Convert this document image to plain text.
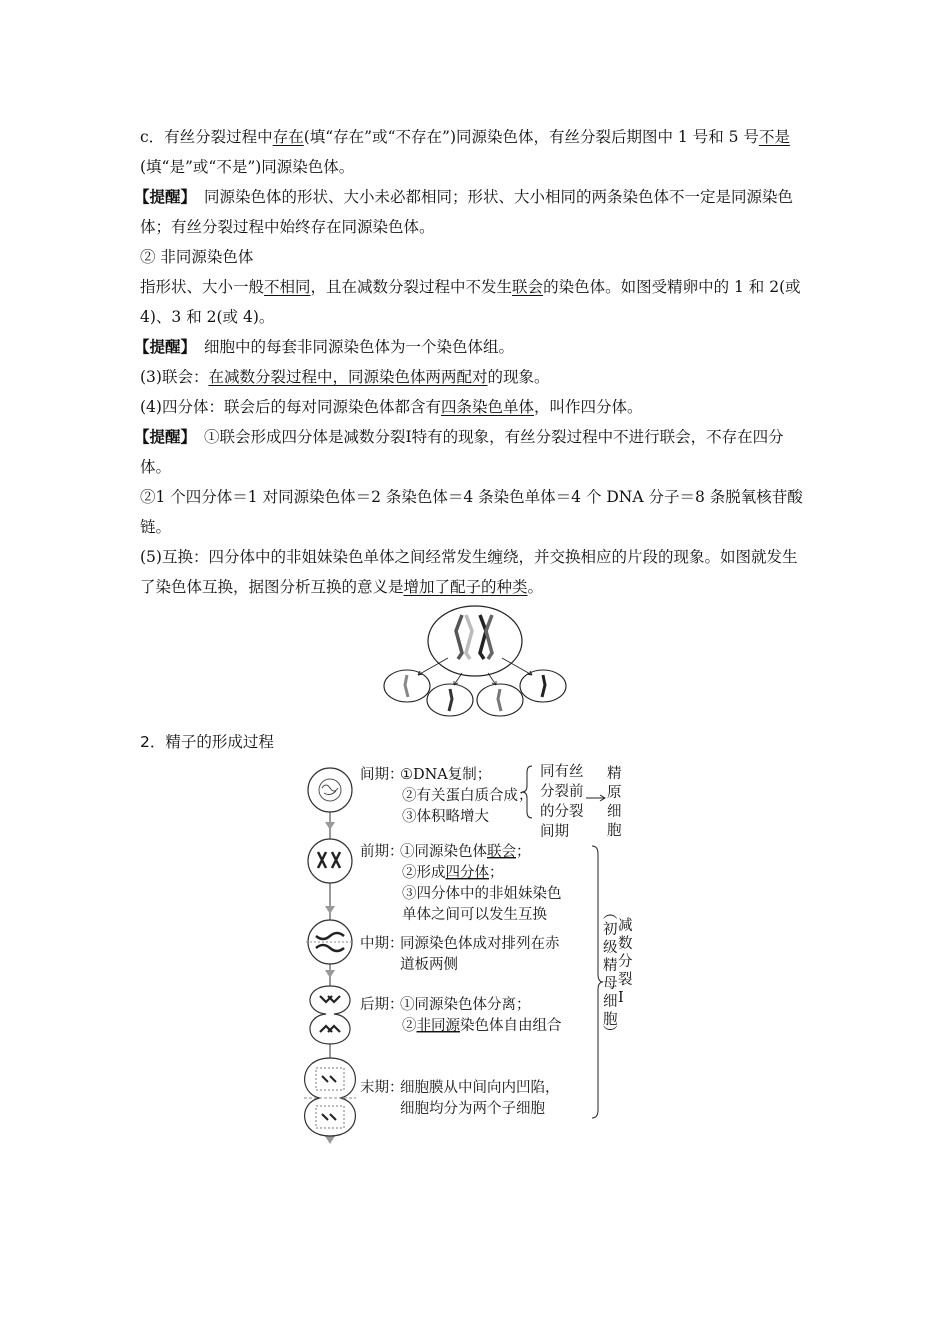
c．有丝分裂过程中存在(填“存在”或“不存在”)同源染色体，有丝分裂后期图中 1 号和 5 号不是(填“是”或“不是”)同源染色体。

【提醒】 同源染色体的形状、大小未必都相同；形状、大小相同的两条染色体不一定是同源染色体；有丝分裂过程中始终存在同源染色体。

② 非同源染色体

指形状、大小一般不相同，且在减数分裂过程中不发生联会的染色体。如图受精卵中的 1 和 2(或 4)、3 和 2(或 4)。

【提醒】 细胞中的每套非同源染色体为一个染色体组。

(3)联会：在减数分裂过程中，同源染色体两两配对的现象。

(4)四分体：联会后的每对同源染色体都含有四条染色单体，叫作四分体。

【提醒】 ①联会形成四分体是减数分裂Ⅰ特有的现象，有丝分裂过程中不进行联会，不存在四分体。

②1 个四分体＝1 对同源染色体＝2 条染色体＝4 条染色单体＝4 个 DNA 分子＝8 条脱氧核苷酸链。

(5)互换：四分体中的非姐妹染色单体之间经常发生缠绕，并交换相应的片段的现象。如图就发生了染色体互换，据图分析互换的意义是增加了配子的种类。

2．精子的形成过程
间期：
①DNA复制；
②有关蛋白质合成；
③体积略增大
同有丝
分裂前
的分裂
间期
精
原
细
胞
前期：
①同源染色体联会；
②形成四分体；
③四分体中的非姐妹染色
单体之间可以发生互换
中期：
同源染色体成对排列在赤
道板两侧
后期：
①同源染色体分离；
②非同源染色体自由组合
末期：
细胞膜从中间向内凹陷，
细胞均分为两个子细胞
︵
初
级
精
母
细
胞
︶
减
数
分
裂
Ⅰ
